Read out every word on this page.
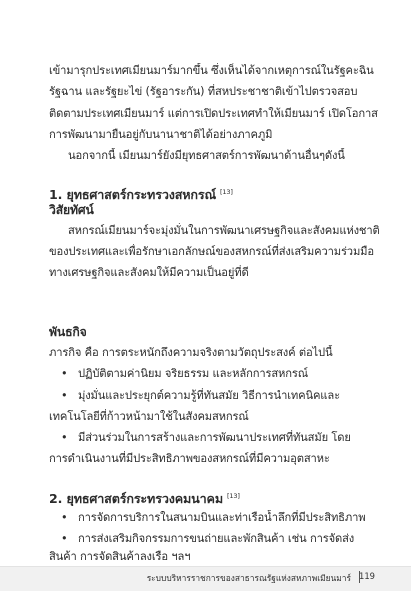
เข้ามารุกประเทศเมียนมาร์มากขึ้น ซึ่งเห็นได้จากเหตุการณ์ในรัฐคะฉิน
รัฐฉาน และรัฐยะไข่ (รัฐอาระกัน) ที่สหประชาชาติเข้าไปตรวจสอบ
ติดตามประเทศเมียนมาร์ แต่การเปิดประเทศทำให้เมียนมาร์ เปิดโอกาส
การพัฒนามายืนอยู่กับนานาชาติได้อย่างภาคภูมิ
นอกจากนี้ เมียนมาร์ยังมียุทธศาสตร์การพัฒนาด้านอื่นๆดังนี้
1. ยุทธศาสตร์กระทรวงสหกรณ์ [13]
วิสัยทัศน์
สหกรณ์เมียนมาร์จะมุ่งมั่นในการพัฒนาเศรษฐกิจและสังคมแห่งชาติ
ของประเทศและเพื่อรักษาเอกลักษณ์ของสหกรณ์ที่ส่งเสริมความร่วมมือ
ทางเศรษฐกิจและสังคมให้มีความเป็นอยู่ที่ดี
พันธกิจ
ภารกิจ คือ การตระหนักถึงความจริงตามวัตถุประสงค์ ต่อไปนี้
• ปฏิบัติตามค่านิยม จริยธรรม และหลักการสหกรณ์
• มุ่งมั่นและประยุกต์ความรู้ที่ทันสมัย วิธีการนำเทคนิคและ
เทคโนโลยีที่ก้าวหน้ามาใช้ในสังคมสหกรณ์
• มีส่วนร่วมในการสร้างและการพัฒนาประเทศที่ทันสมัย โดย
การดำเนินงานที่มีประสิทธิภาพของสหกรณ์ที่มีความอุตสาหะ
2. ยุทธศาสตร์กระทรวงคมนาคม [13]
• การจัดการบริการในสนามบินและท่าเรือน้ำลึกที่มีประสิทธิภาพ
• การส่งเสริมกิจกรรมการขนถ่ายและพักสินค้า เช่น การจัดส่ง
สินค้า การจัดสินค้าลงเรือ ฯลฯ
ระบบบริหารราชการของสาธารณรัฐแห่งสหภาพเมียนมาร์ 119
